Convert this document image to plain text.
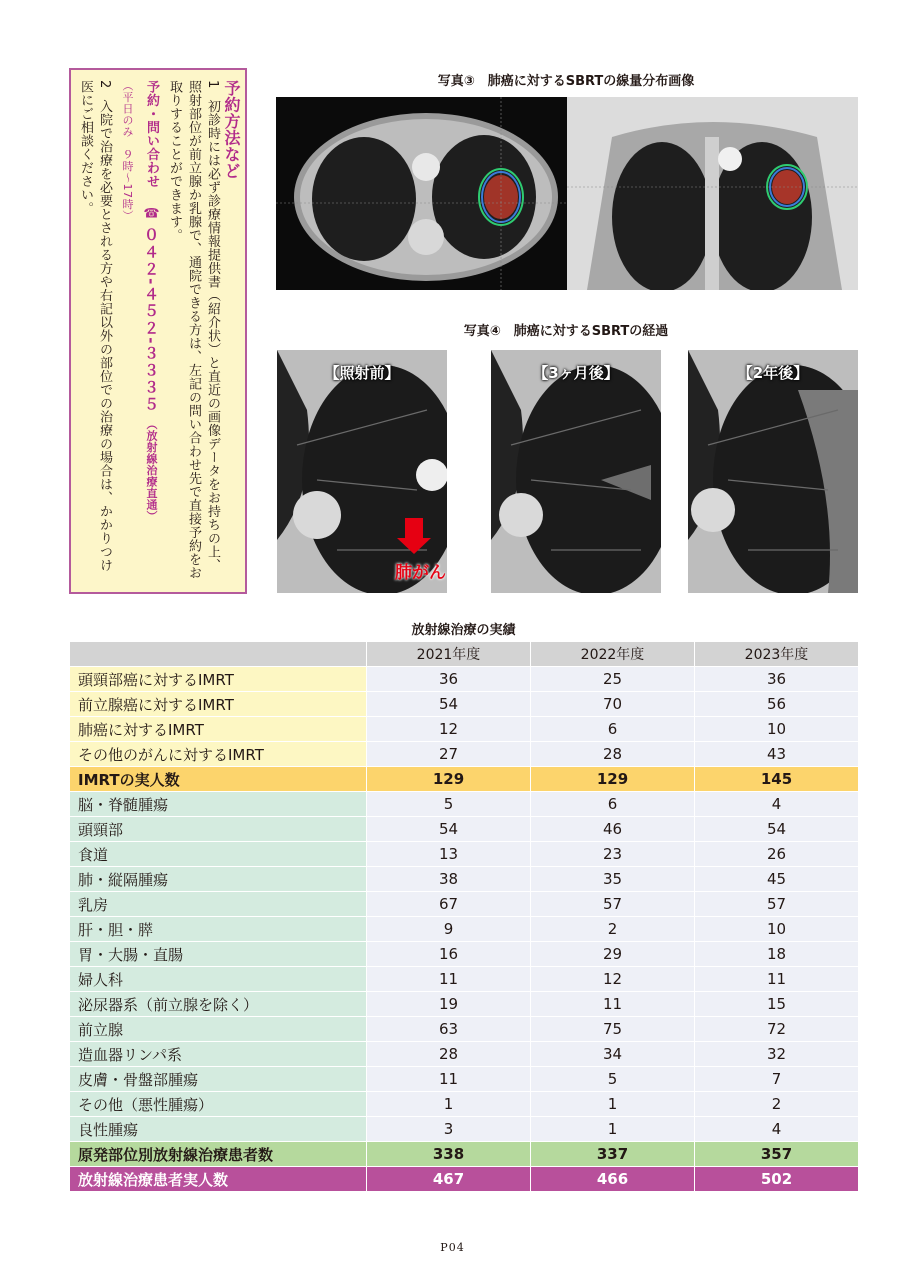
予約方法など
1 初診時には必ず診療情報提供書（紹介状）と直近の画像データをお持ちの上、照射部位が前立腺か乳腺で、通院できる方は、左記の問い合わせ先で直接予約をお取りすることができます。
予約・問い合わせ 　☎ ０４２-４５２-３３３５ （放射線治療直通）
（平日のみ　９時〜17時）
2 入院で治療を必要とされる方や右記以外の部位での治療の場合は、かかりつけ医にご相談ください。	写真③　肺癌に対するSBRTの線量分布画像
写真④　肺癌に対するSBRTの経過
【照射前】
肺がん
【3ヶ月後】	【2年後】
放射線治療の実績
	2021年度	2022年度	2023年度
頭頸部癌に対するIMRT	36	25	36
前立腺癌に対するIMRT	54	70	56
肺癌に対するIMRT	12	6	10
その他のがんに対するIMRT	27	28	43
IMRTの実人数	129	129	145
脳・脊髄腫瘍	5	6	4
頭頸部	54	46	54
食道	13	23	26
肺・縦隔腫瘍	38	35	45
乳房	67	57	57
肝・胆・膵	9	2	10
胃・大腸・直腸	16	29	18
婦人科	11	12	11
泌尿器系（前立腺を除く）	19	11	15
前立腺	63	75	72
造血器リンパ系	28	34	32
皮膚・骨盤部腫瘍	11	5	7
その他（悪性腫瘍）	1	1	2
良性腫瘍	3	1	4
原発部位別放射線治療患者数	338	337	357
放射線治療患者実人数	467	466	502
P04
